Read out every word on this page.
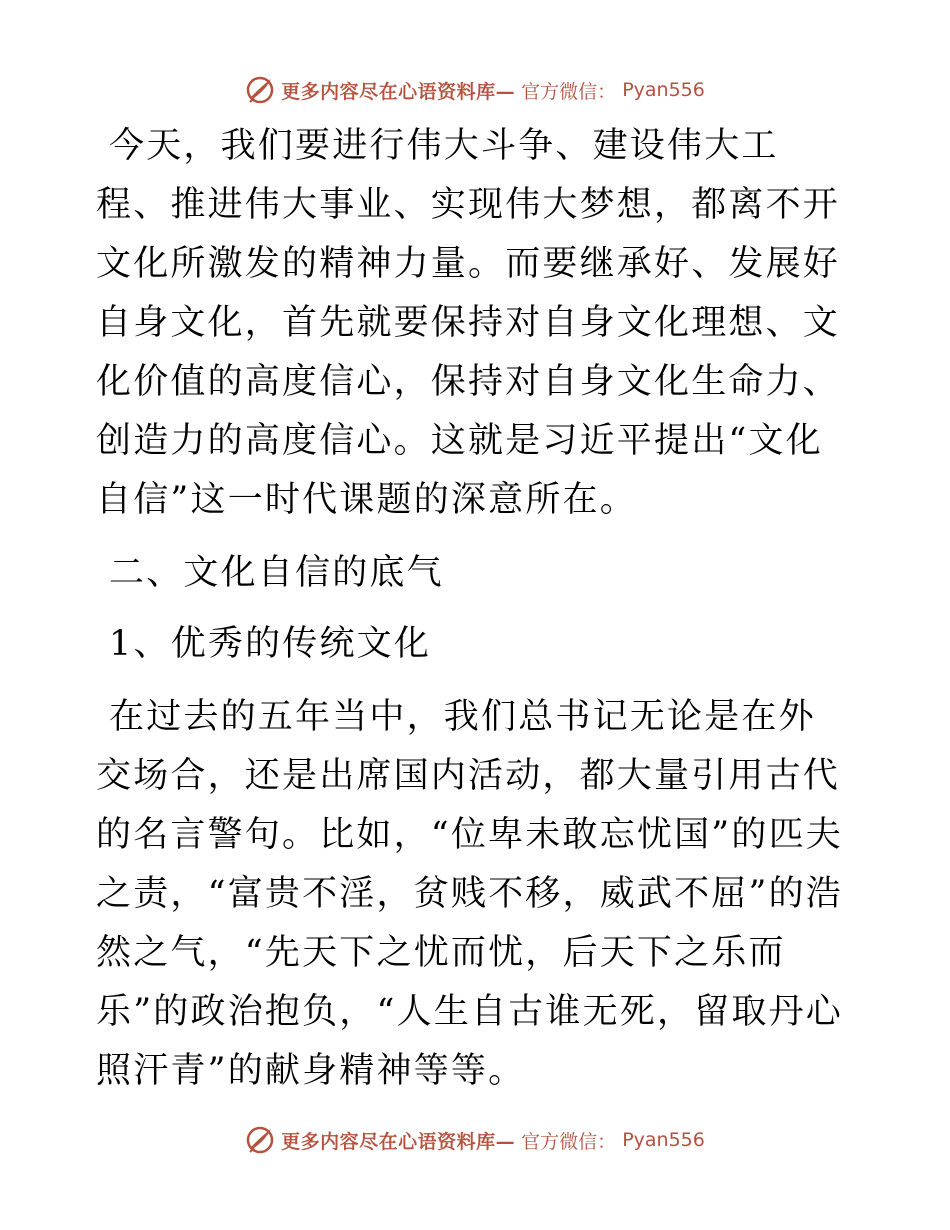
更多内容尽在心语资料库— 官方微信： Pyan556

今天，我们要进行伟大斗争、建设伟大工程、推进伟大事业、实现伟大梦想，都离不开文化所激发的精神力量。而要继承好、发展好自身文化，首先就要保持对自身文化理想、文化价值的高度信心，保持对自身文化生命力、创造力的高度信心。这就是习近平提出“文化自信”这一时代课题的深意所在。

二、文化自信的底气

1、优秀的传统文化

在过去的五年当中，我们总书记无论是在外交场合，还是出席国内活动，都大量引用古代的名言警句。比如，“位卑未敢忘忧国”的匹夫之责，“富贵不淫，贫贱不移，威武不屈”的浩然之气，“先天下之忧而忧，后天下之乐而乐”的政治抱负，“人生自古谁无死，留取丹心照汗青”的献身精神等等。

更多内容尽在心语资料库— 官方微信： Pyan556
